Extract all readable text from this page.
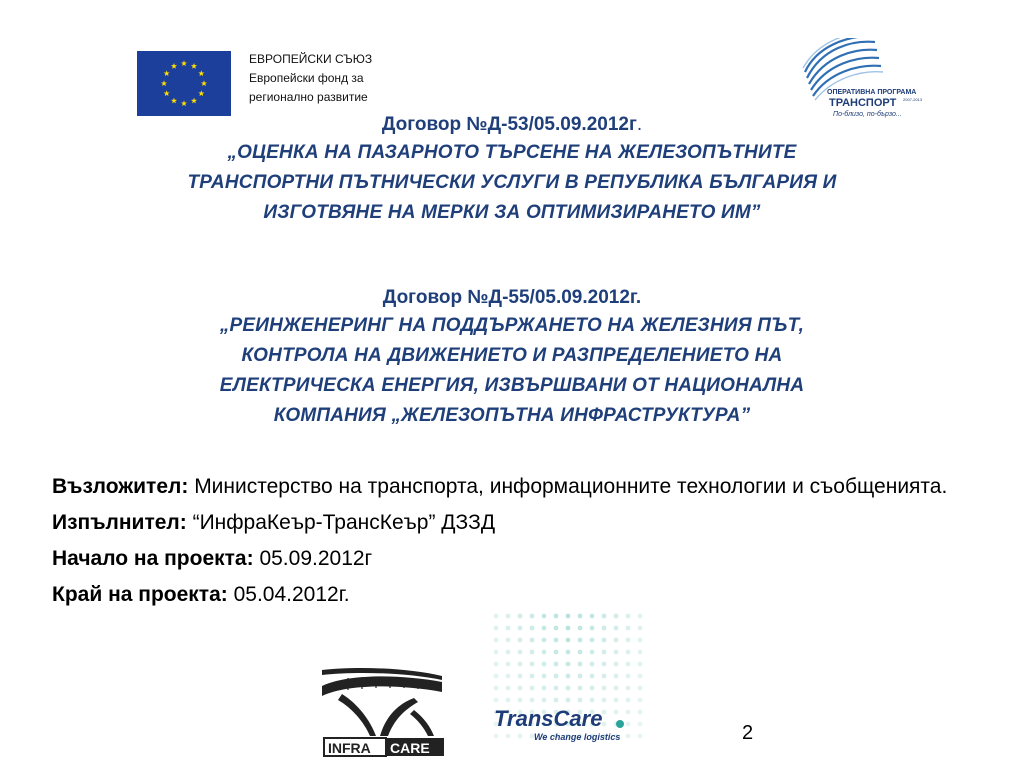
ЕВРОПЕЙСКИ СЪЮЗ
Европейски фонд за
регионално развитие	ОПЕРАТИВНА ПРОГРАМА
ТРАНСПОРТ 2007-2013
По-близо, по-бързо...
Договор №Д-53/05.09.2012г.
„ОЦЕНКА НА ПАЗАРНОТО ТЪРСЕНЕ НА ЖЕЛЕЗОПЪТНИТЕ
ТРАНСПОРТНИ ПЪТНИЧЕСКИ УСЛУГИ В РЕПУБЛИКА БЪЛГАРИЯ И
ИЗГОТВЯНЕ НА МЕРКИ ЗА ОПТИМИЗИРАНЕТО ИМ”
Договор №Д-55/05.09.2012г.
„РЕИНЖЕНЕРИНГ НА ПОДДЪРЖАНЕТО НА ЖЕЛЕЗНИЯ ПЪТ,
КОНТРОЛА НА ДВИЖЕНИЕТО И РАЗПРЕДЕЛЕНИЕТО НА
ЕЛЕКТРИЧЕСКА ЕНЕРГИЯ, ИЗВЪРШВАНИ ОТ НАЦИОНАЛНА
КОМПАНИЯ „ЖЕЛЕЗОПЪТНА ИНФРАСТРУКТУРА”
Възложител: Министерство на транспорта, информационните технологии и съобщенията.
Изпълнител: “ИнфраКеър-ТрансКеър” ДЗЗД
Начало на проекта: 05.09.2012г
Край на проекта: 05.04.2012г.
INFRA CARE
TransCare
We change logistics	2
